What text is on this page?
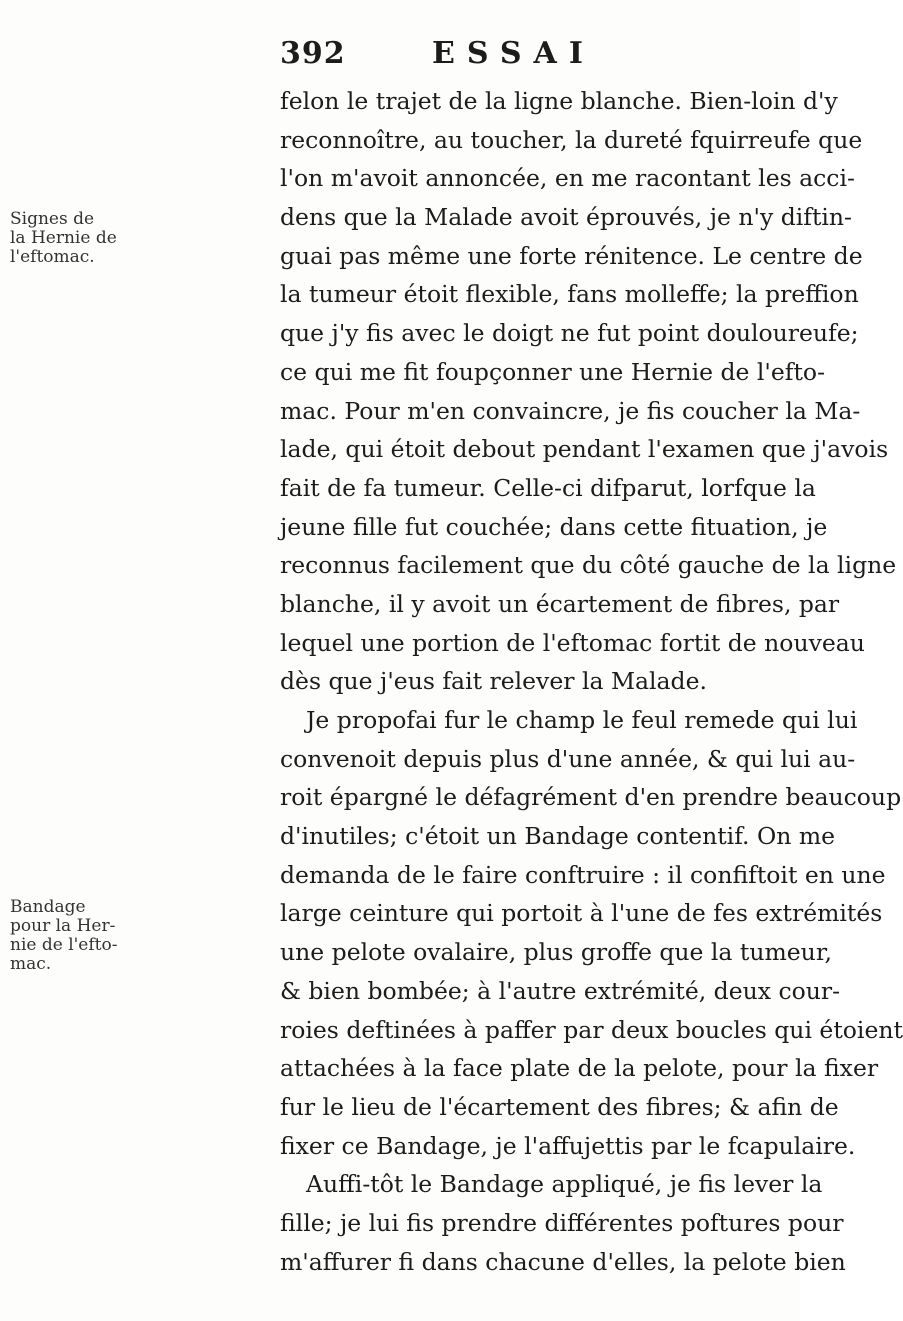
392	ESSAI
Signes de
la Hernie de
l'eftomac.
Bandage
pour la Her-
nie de l'efto-
mac.
felon le trajet de la ligne blanche. Bien-loin d'y
reconnoître, au toucher, la dureté fquirreufe que
l'on m'avoit annoncée, en me racontant les acci-
dens que la Malade avoit éprouvés, je n'y diftin-
guai pas même une forte rénitence. Le centre de
la tumeur étoit flexible, fans molleffe; la preffion
que j'y fis avec le doigt ne fut point douloureufe;
ce qui me fit foupçonner une Hernie de l'efto-
mac. Pour m'en convaincre, je fis coucher la Ma-
lade, qui étoit debout pendant l'examen que j'avois
fait de fa tumeur. Celle-ci difparut, lorfque la
jeune fille fut couchée; dans cette fituation, je
reconnus facilement que du côté gauche de la ligne
blanche, il y avoit un écartement de fibres, par
lequel une portion de l'eftomac fortit de nouveau
dès que j'eus fait relever la Malade.
Je propofai fur le champ le feul remede qui lui
convenoit depuis plus d'une année, & qui lui au-
roit épargné le défagrément d'en prendre beaucoup
d'inutiles; c'étoit un Bandage contentif. On me
demanda de le faire conftruire : il confiftoit en une
large ceinture qui portoit à l'une de fes extrémités
une pelote ovalaire, plus groffe que la tumeur,
& bien bombée; à l'autre extrémité, deux cour-
roies deftinées à paffer par deux boucles qui étoient
attachées à la face plate de la pelote, pour la fixer
fur le lieu de l'écartement des fibres; & afin de
fixer ce Bandage, je l'affujettis par le fcapulaire.
Auffi-tôt le Bandage appliqué, je fis lever la
fille; je lui fis prendre différentes poftures pour
m'affurer fi dans chacune d'elles, la pelote bien
